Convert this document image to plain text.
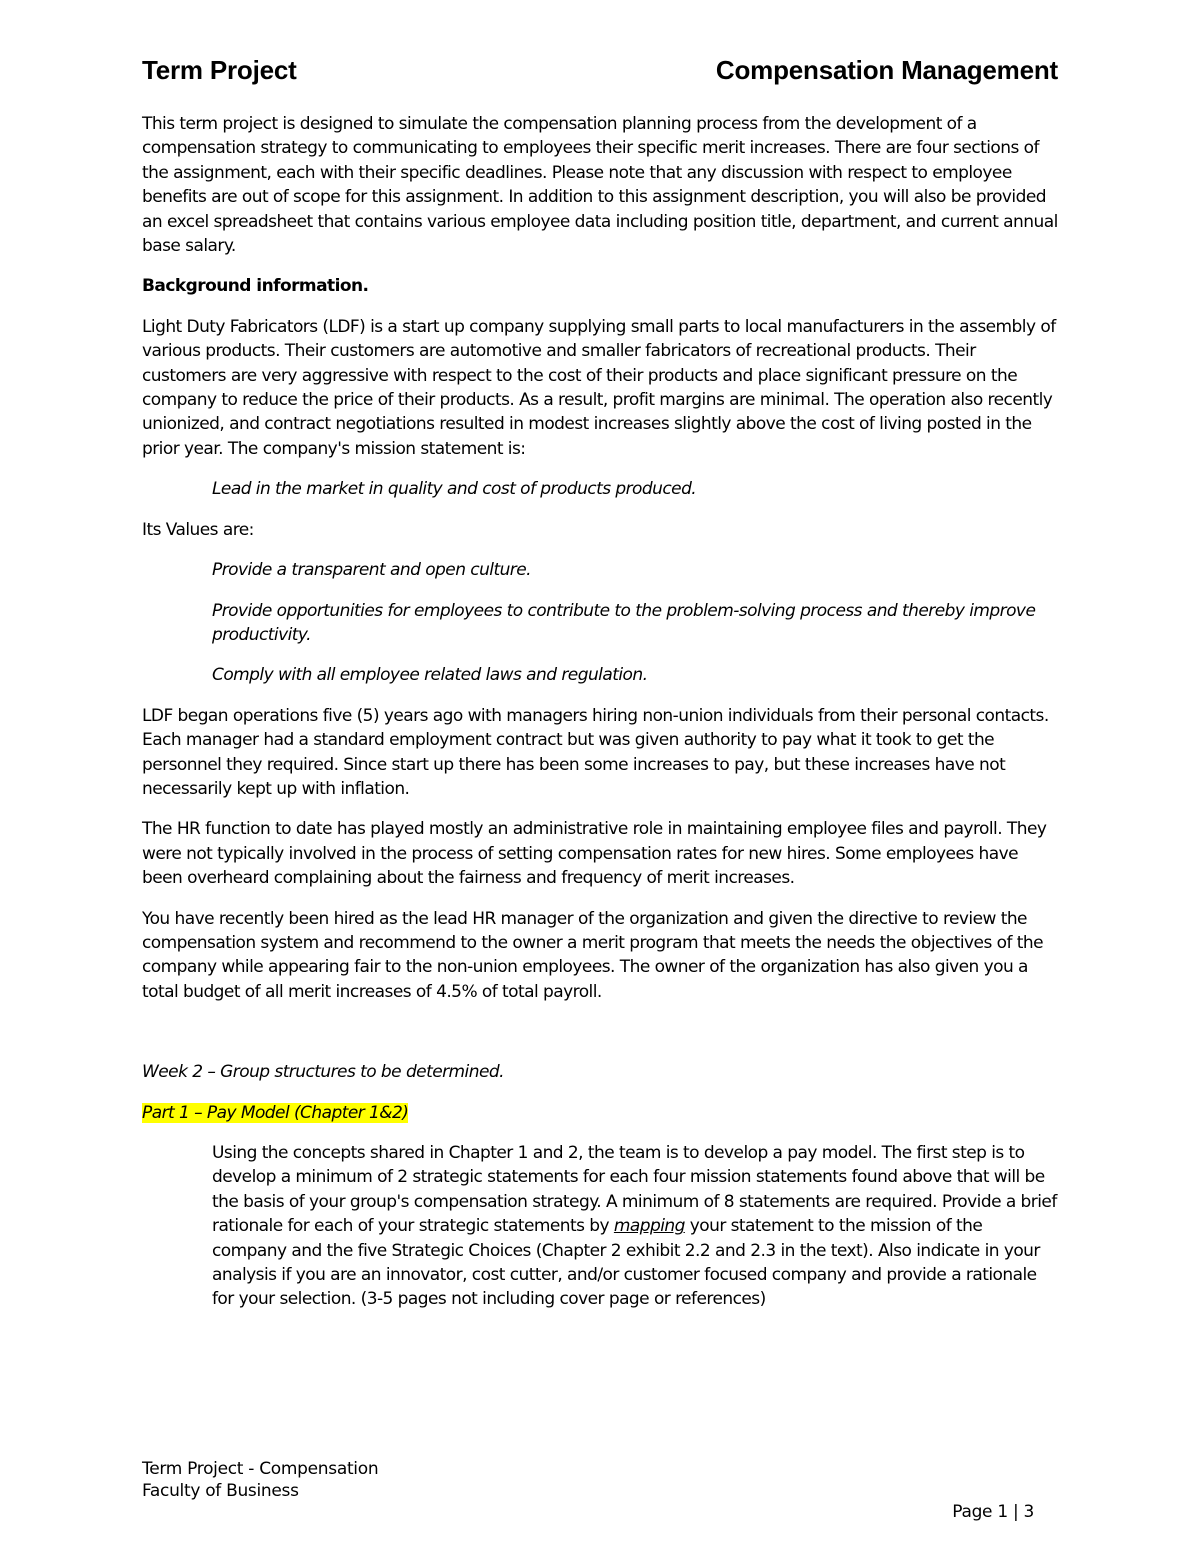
Term Project	Compensation Management

This term project is designed to simulate the compensation planning process from the development of a compensation strategy to communicating to employees their specific merit increases. There are four sections of the assignment, each with their specific deadlines. Please note that any discussion with respect to employee benefits are out of scope for this assignment. In addition to this assignment description, you will also be provided an excel spreadsheet that contains various employee data including position title, department, and current annual base salary.

Background information.

Light Duty Fabricators (LDF) is a start up company supplying small parts to local manufacturers in the assembly of various products. Their customers are automotive and smaller fabricators of recreational products. Their customers are very aggressive with respect to the cost of their products and place significant pressure on the company to reduce the price of their products. As a result, profit margins are minimal. The operation also recently unionized, and contract negotiations resulted in modest increases slightly above the cost of living posted in the prior year. The company's mission statement is:

Lead in the market in quality and cost of products produced.

Its Values are:

Provide a transparent and open culture.

Provide opportunities for employees to contribute to the problem-solving process and thereby improve productivity.

Comply with all employee related laws and regulation.

LDF began operations five (5) years ago with managers hiring non-union individuals from their personal contacts. Each manager had a standard employment contract but was given authority to pay what it took to get the personnel they required. Since start up there has been some increases to pay, but these increases have not necessarily kept up with inflation.

The HR function to date has played mostly an administrative role in maintaining employee files and payroll. They were not typically involved in the process of setting compensation rates for new hires. Some employees have been overheard complaining about the fairness and frequency of merit increases.

You have recently been hired as the lead HR manager of the organization and given the directive to review the compensation system and recommend to the owner a merit program that meets the needs the objectives of the company while appearing fair to the non-union employees. The owner of the organization has also given you a total budget of all merit increases of 4.5% of total payroll.

Week 2 – Group structures to be determined.

Part 1 – Pay Model (Chapter 1&2)

Using the concepts shared in Chapter 1 and 2, the team is to develop a pay model. The first step is to develop a minimum of 2 strategic statements for each four mission statements found above that will be the basis of your group's compensation strategy. A minimum of 8 statements are required. Provide a brief rationale for each of your strategic statements by mapping your statement to the mission of the company and the five Strategic Choices (Chapter 2 exhibit 2.2 and 2.3 in the text). Also indicate in your analysis if you are an innovator, cost cutter, and/or customer focused company and provide a rationale for your selection. (3-5 pages not including cover page or references)

Term Project - Compensation
Faculty of Business
Page 1 | 3
